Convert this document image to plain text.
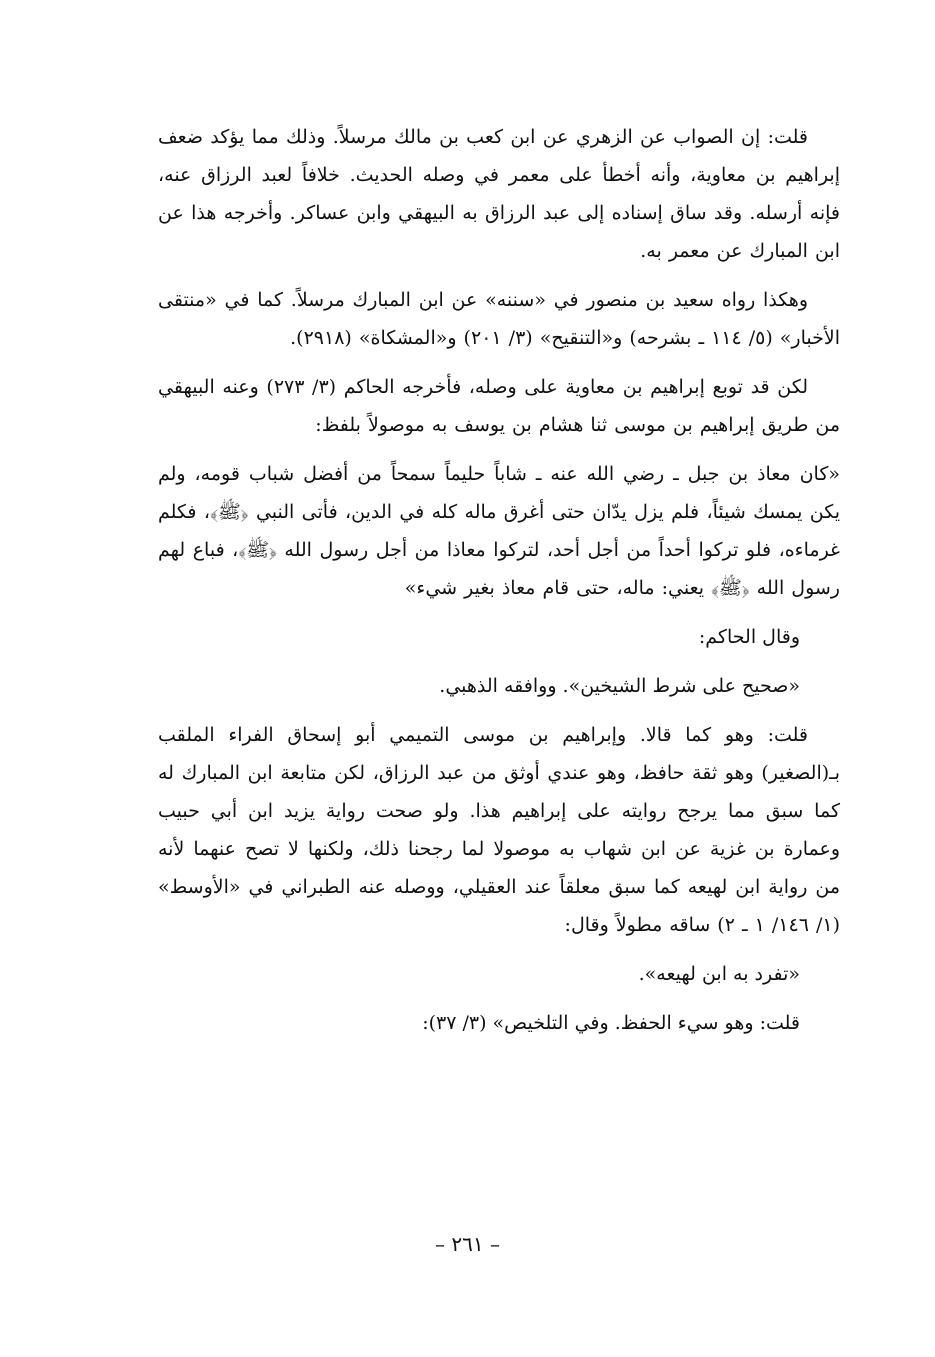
قلت: إن الصواب عن الزهري عن ابن كعب بن مالك مرسلاً. وذلك مما يؤكد ضعف إبراهيم بن معاوية، وأنه أخطأ على معمر في وصله الحديث. خلافاً لعبد الرزاق عنه، فإنه أرسله. وقد ساق إسناده إلى عبد الرزاق به البيهقي وابن عساكر. وأخرجه هذا عن ابن المبارك عن معمر به.

وهكذا رواه سعيد بن منصور في «سننه» عن ابن المبارك مرسلاً. كما في «منتقى الأخبار» (٥/ ١١٤ ـ بشرحه) و«التنقيح» (٣/ ٢٠١) و«المشكاة» (٢٩١٨).

لكن قد توبع إبراهيم بن معاوية على وصله، فأخرجه الحاكم (٣/ ٢٧٣) وعنه البيهقي من طريق إبراهيم بن موسى ثنا هشام بن يوسف به موصولاً بلفظ:

«كان معاذ بن جبل ـ رضي الله عنه ـ شاباً حليماً سمحاً من أفضل شباب قومه، ولم يكن يمسك شيئاً، فلم يزل يدّان حتى أغرق ماله كله في الدين، فأتى النبي ﴿ﷺ﴾، فكلم غرماءه، فلو تركوا أحداً من أجل أحد، لتركوا معاذا من أجل رسول الله ﴿ﷺ﴾، فباع لهم رسول الله ﴿ﷺ﴾ يعني: ماله، حتى قام معاذ بغير شيء»

وقال الحاكم:

«صحيح على شرط الشيخين». ووافقه الذهبي.

قلت: وهو كما قالا. وإبراهيم بن موسى التميمي أبو إسحاق الفراء الملقب بـ(الصغير) وهو ثقة حافظ، وهو عندي أوثق من عبد الرزاق، لكن متابعة ابن المبارك له كما سبق مما يرجح روايته على إبراهيم هذا. ولو صحت رواية يزيد ابن أبي حبيب وعمارة بن غزية عن ابن شهاب به موصولا لما رجحنا ذلك، ولكنها لا تصح عنهما لأنه من رواية ابن لهيعه كما سبق معلقاً عند العقيلي، ووصله عنه الطبراني في «الأوسط» (١/ ١٤٦/ ١ ـ ٢) ساقه مطولاً وقال:

«تفرد به ابن لهيعه».

قلت: وهو سيء الحفظ. وفي التلخيص» (٣/ ٣٧):

– ٢٦١ –
